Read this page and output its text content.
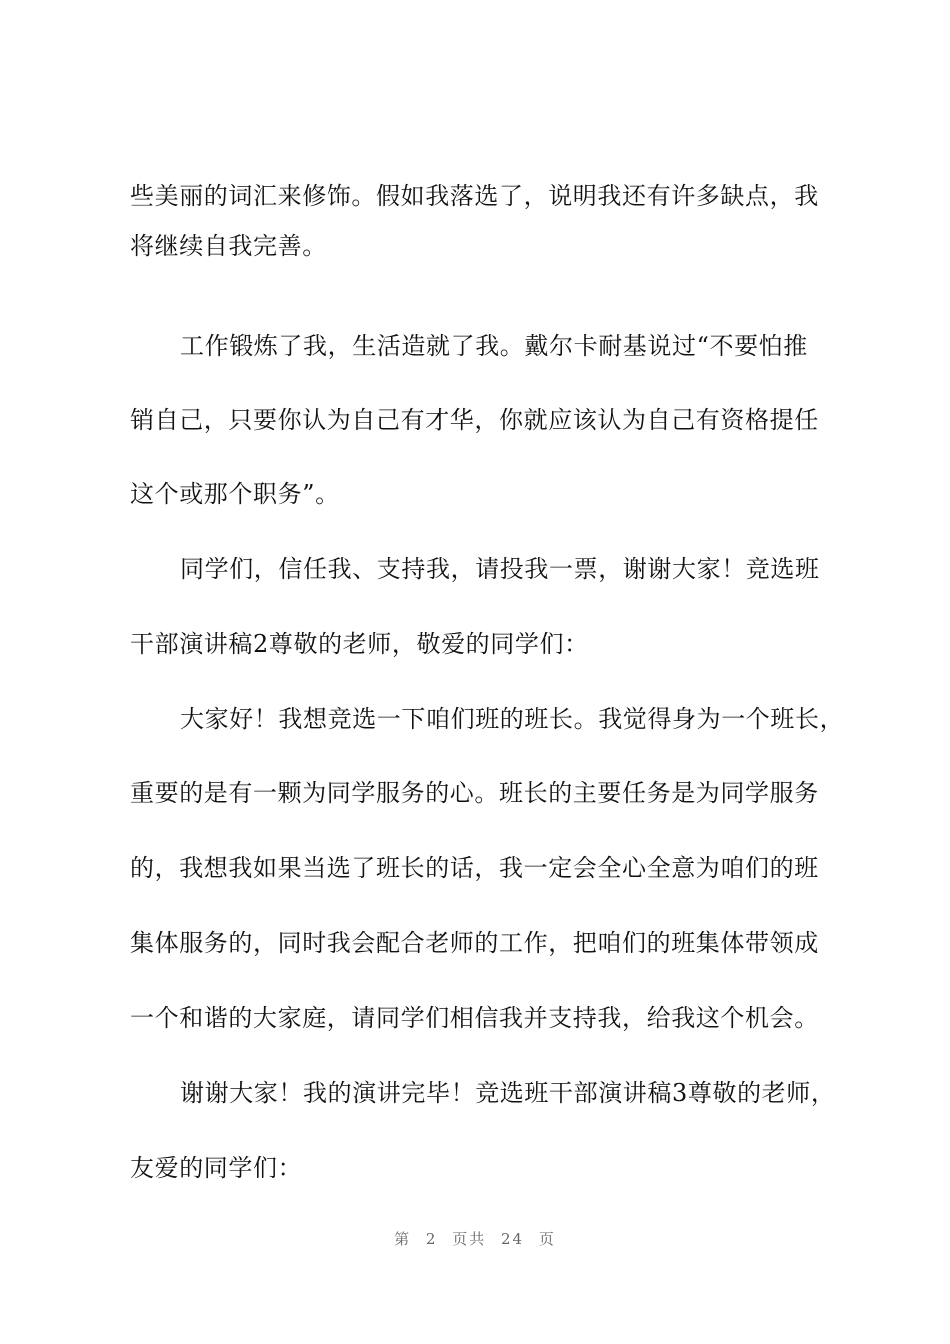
些美丽的词汇来修饰。假如我落选了，说明我还有许多缺点，我
将继续自我完善。
工作锻炼了我，生活造就了我。戴尔卡耐基说过“不要怕推
销自己，只要你认为自己有才华，你就应该认为自己有资格提任
这个或那个职务”。
同学们，信任我、支持我，请投我一票，谢谢大家！竞选班
干部演讲稿2尊敬的老师，敬爱的同学们：
大家好！我想竞选一下咱们班的班长。我觉得身为一个班长，
重要的是有一颗为同学服务的心。班长的主要任务是为同学服务
的，我想我如果当选了班长的话，我一定会全心全意为咱们的班
集体服务的，同时我会配合老师的工作，把咱们的班集体带领成
一个和谐的大家庭，请同学们相信我并支持我，给我这个机会。
谢谢大家！我的演讲完毕！竞选班干部演讲稿3尊敬的老师，
友爱的同学们：
第 2 页共 24 页
